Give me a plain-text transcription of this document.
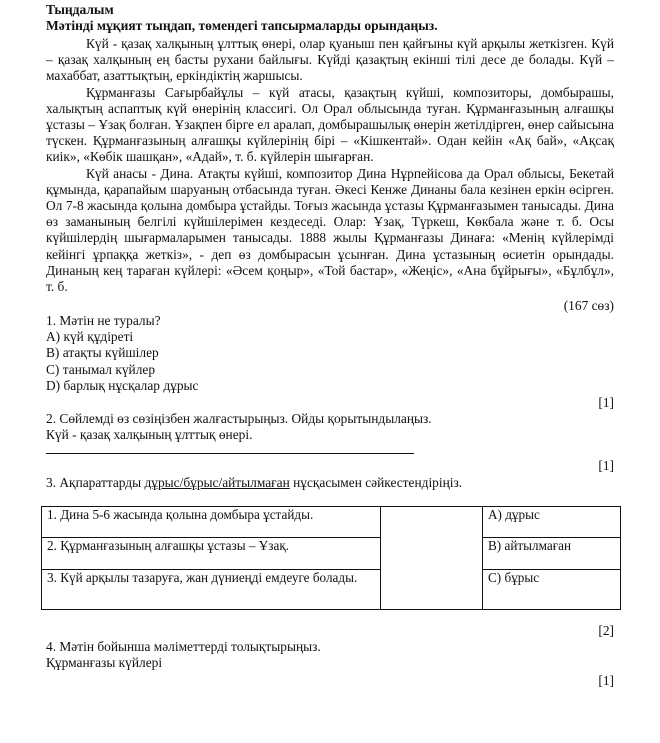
Тыңдалым
Мәтінді мұқият тыңдап, төмендегі тапсырмаларды орындаңыз.

Күй - қазақ халқының ұлттық өнері, олар қуаныш пен қайғыны күй арқылы жеткізген. Күй – қазақ халқының ең басты рухани байлығы. Күйді қазақтың екінші тілі десе де болады. Күй – махаббат, азаттықтың, еркіндіктің жаршысы.

Құрманғазы Сағырбайұлы – күй атасы, қазақтың күйші, композиторы, домбырашы, халықтың аспаптық күй өнерінің классигі. Ол Орал облысында туған. Құрманғазының алғашқы ұстазы – Ұзақ болған. Ұзақпен бірге ел аралап, домбырашылық өнерін жетілдірген, өнер сайысына түскен. Құрманғазының алғашқы күйлерінің бірі – «Кішкентай». Одан кейін «Ақ бай», «Ақсақ киік», «Көбік шашқан», «Адай», т. б. күйлерін шығарған.

Күй анасы - Дина. Атақты күйші, композитор Дина Нұрпейісова да Орал облысы, Бекетай құмында, қарапайым шаруаның отбасында туған. Әкесі Кенже Динаны бала кезінен еркін өсірген. Ол 7-8 жасында қолына домбыра ұстайды. Тоғыз жасында ұстазы Құрманғазымен танысады. Дина өз заманының белгілі күйшілерімен кездеседі. Олар: Ұзақ, Түркеш, Көкбала және т. б. Осы күйшілердің шығармаларымен танысады. 1888 жылы Құрманғазы Динаға: «Менің күйлерімді кейінгі ұрпаққа жеткіз», - деп өз домбырасын ұсынған. Дина ұстазының өсиетін орындады. Динаның кең тараған күйлері: «Әсем қоңыр», «Той бастар», «Жеңіс», «Ана бұйрығы», «Бұлбұл», т. б.

(167 сөз)
1. Мәтін не туралы?
A) күй құдіреті
B) атақты күйшілер
C) танымал күйлер
D) барлық нұсқалар дұрыс
[1]
2. Сөйлемді өз сөзіңізбен жалғастырыңыз. Ойды қорытындылаңыз.
Күй - қазақ халқының ұлттық өнері.
[1]
3. Ақпараттарды дұрыс/бұрыс/айтылмаған нұсқасымен сәйкестендіріңіз.
1. Дина 5-6 жасында қолына домбыра ұстайды.		A) дұрыс
2. Құрманғазының алғашқы ұстазы – Ұзақ.		B) айтылмаған
3. Күй арқылы тазаруға, жан дүниеңді емдеуге болады.		C) бұрыс
[2]
4. Мәтін бойынша мәліметтерді толықтырыңыз.
Құрманғазы күйлері
[1]
